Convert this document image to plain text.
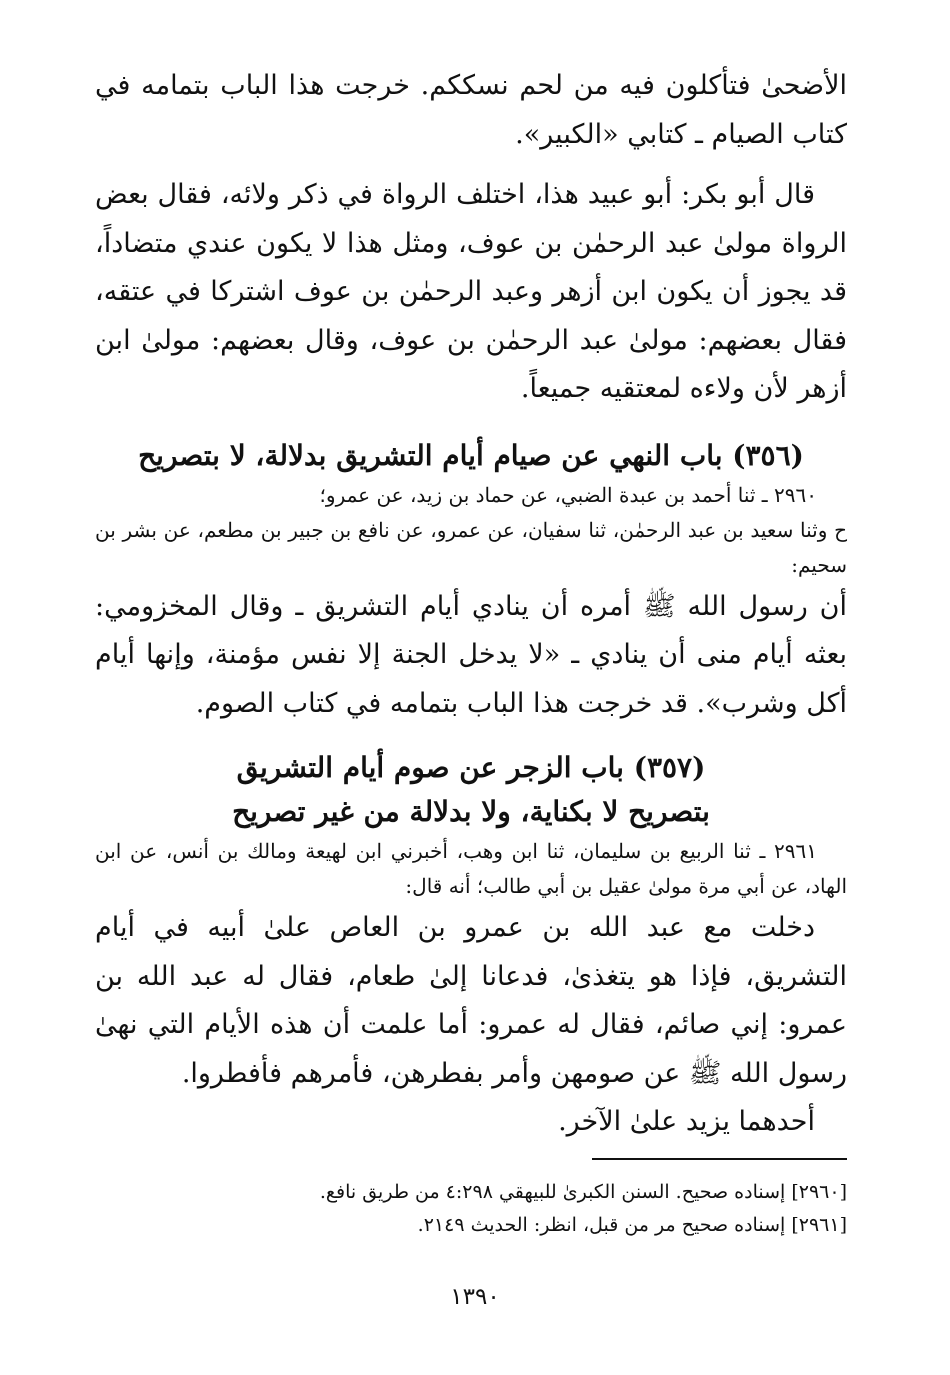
الأضحىٰ فتأكلون فيه من لحم نسككم. خرجت هذا الباب بتمامه في كتاب الصيام ـ كتابي «الكبير».

قال أبو بكر: أبو عبيد هذا، اختلف الرواة في ذكر ولائه، فقال بعض الرواة مولىٰ عبد الرحمٰن بن عوف، ومثل هذا لا يكون عندي متضاداً، قد يجوز أن يكون ابن أزهر وعبد الرحمٰن بن عوف اشتركا في عتقه، فقال بعضهم: مولىٰ عبد الرحمٰن بن عوف، وقال بعضهم: مولىٰ ابن أزهر لأن ولاءه لمعتقيه جميعاً.

(٣٥٦) باب النهي عن صيام أيام التشريق بدلالة، لا بتصريح

٢٩٦٠ ـ ثنا أحمد بن عبدة الضبي، عن حماد بن زيد، عن عمرو؛

ح وثنا سعيد بن عبد الرحمٰن، ثنا سفيان، عن عمرو، عن نافع بن جبير بن مطعم، عن بشر بن سحيم:

أن رسول الله ﷺ أمره أن ينادي أيام التشريق ـ وقال المخزومي: بعثه أيام منى أن ينادي ـ «لا يدخل الجنة إلا نفس مؤمنة، وإنها أيام أكل وشرب». قد خرجت هذا الباب بتمامه في كتاب الصوم.

(٣٥٧) باب الزجر عن صوم أيام التشريق

بتصريح لا بكناية، ولا بدلالة من غير تصريح

٢٩٦١ ـ ثنا الربيع بن سليمان، ثنا ابن وهب، أخبرني ابن لهيعة ومالك بن أنس، عن ابن الهاد، عن أبي مرة مولىٰ عقيل بن أبي طالب؛ أنه قال:

دخلت مع عبد الله بن عمرو بن العاص علىٰ أبيه في أيام التشريق، فإذا هو يتغذىٰ، فدعانا إلىٰ طعام، فقال له عبد الله بن عمرو: إني صائم، فقال له عمرو: أما علمت أن هذه الأيام التي نهىٰ رسول الله ﷺ عن صومهن وأمر بفطرهن، فأمرهم فأفطروا.

أحدهما يزيد علىٰ الآخر.

[٢٩٦٠] إسناده صحيح. السنن الكبرىٰ للبيهقي ٤:٢٩٨ من طريق نافع.

[٢٩٦١] إسناده صحيح مر من قبل، انظر: الحديث ٢١٤٩.

١٣٩٠
